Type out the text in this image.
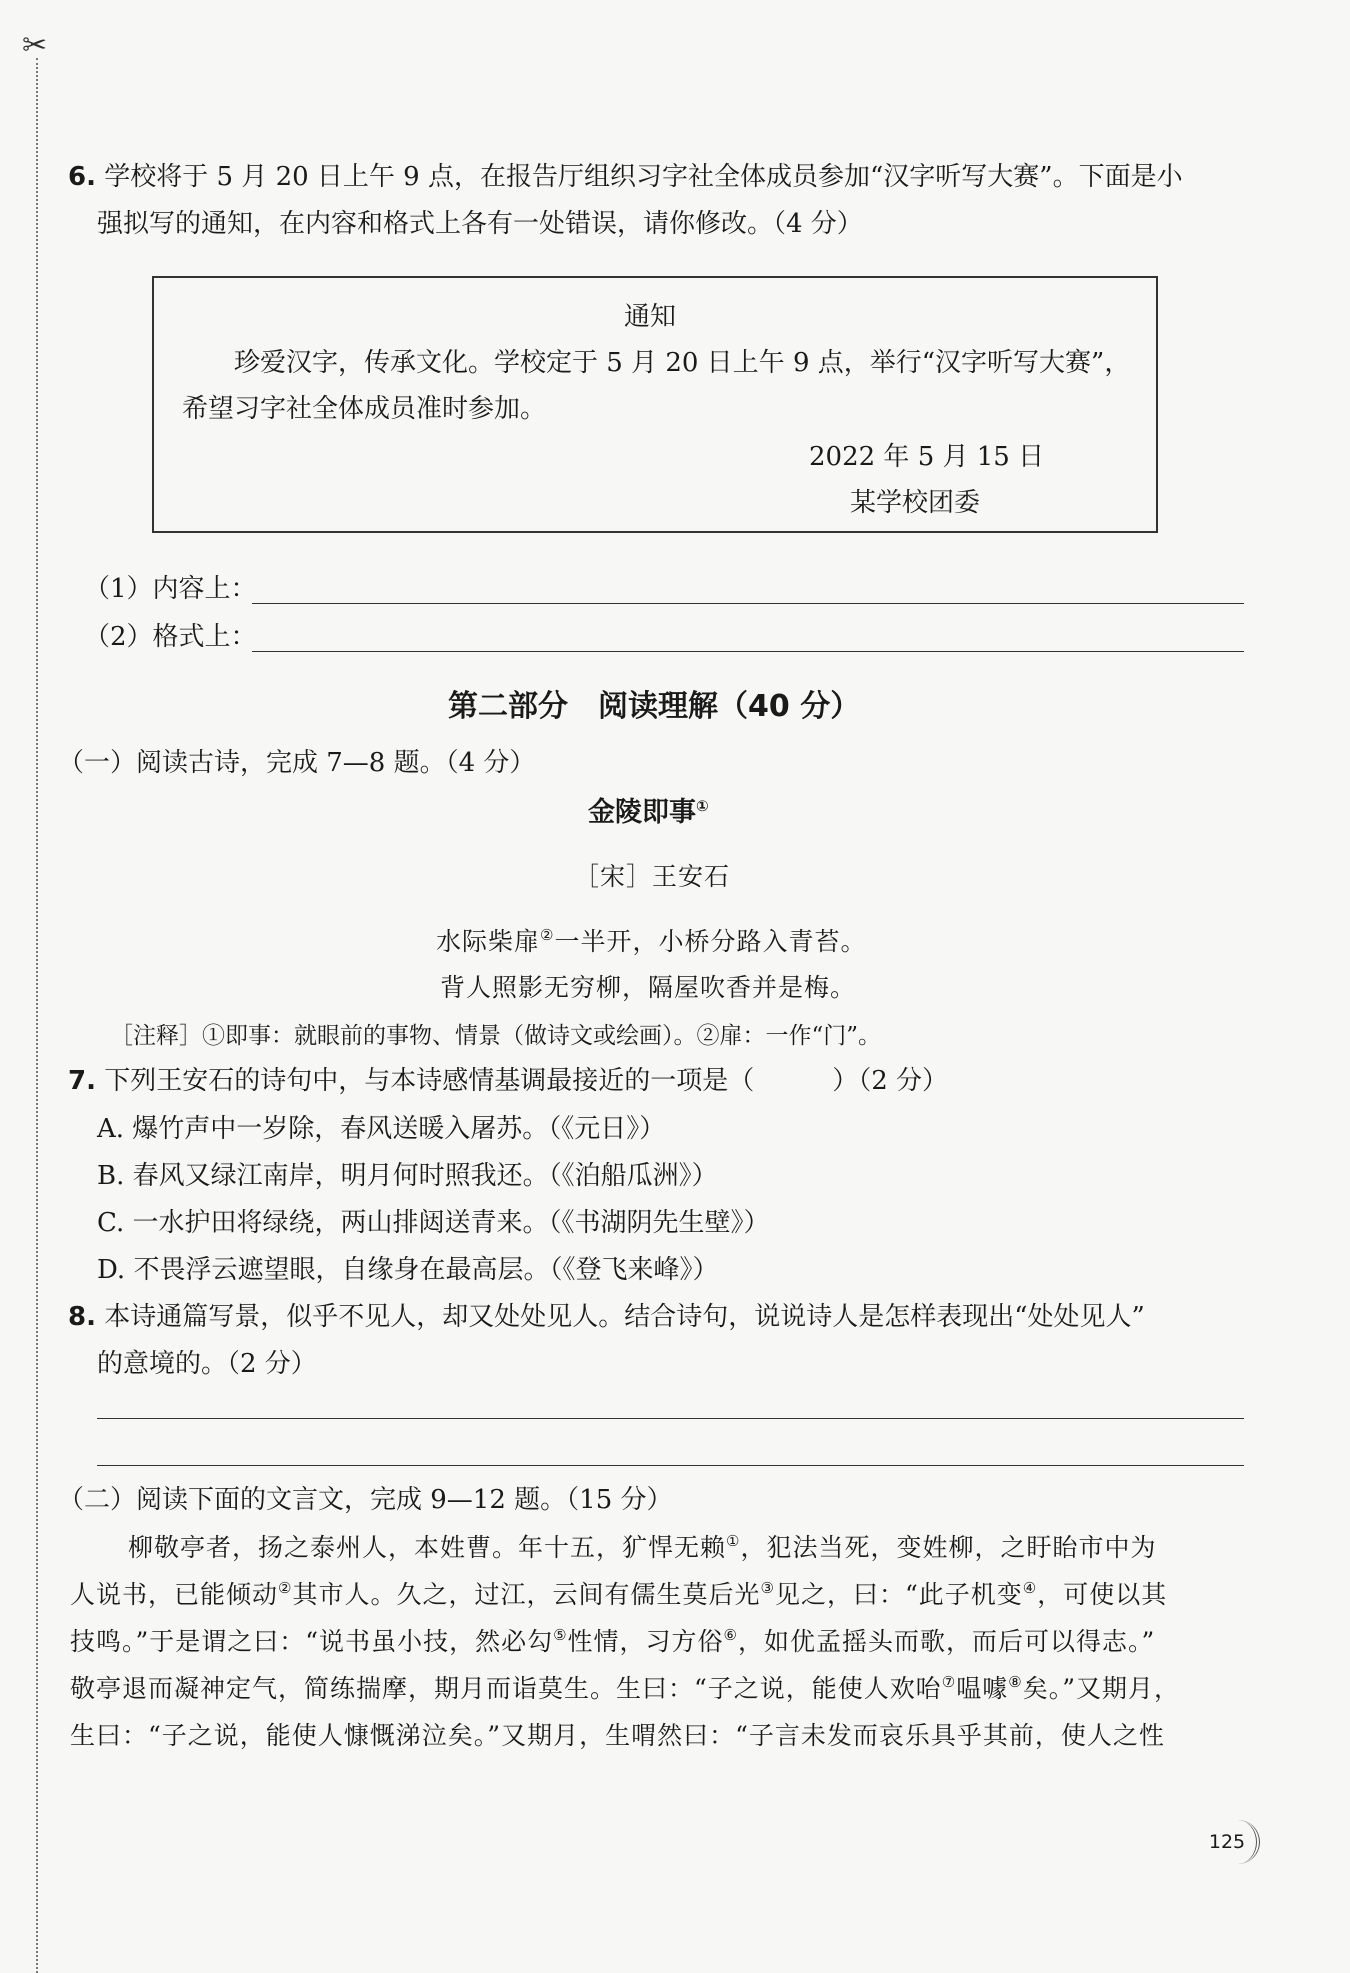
✂
6. 学校将于 5 月 20 日上午 9 点，在报告厅组织习字社全体成员参加“汉字听写大赛”。下面是小
强拟写的通知，在内容和格式上各有一处错误，请你修改。（4 分）
通知
珍爱汉字，传承文化。学校定于 5 月 20 日上午 9 点，举行“汉字听写大赛”，
希望习字社全体成员准时参加。
2022 年 5 月 15 日
某学校团委
（1）内容上：
（2）格式上：
第二部分　阅读理解（40 分）
（一）阅读古诗，完成 7—8 题。（4 分）
金陵即事①
［宋］王安石
水际柴扉②一半开，小桥分路入青苔。
背人照影无穷柳，隔屋吹香并是梅。
［注释］①即事：就眼前的事物、情景（做诗文或绘画）。②扉：一作“门”。
7. 下列王安石的诗句中，与本诗感情基调最接近的一项是（　　　）（2 分）
A. 爆竹声中一岁除，春风送暖入屠苏。（《元日》）
B. 春风又绿江南岸，明月何时照我还。（《泊船瓜洲》）
C. 一水护田将绿绕，两山排闼送青来。（《书湖阴先生壁》）
D. 不畏浮云遮望眼，自缘身在最高层。（《登飞来峰》）
8. 本诗通篇写景，似乎不见人，却又处处见人。结合诗句，说说诗人是怎样表现出“处处见人”
的意境的。（2 分）
（二）阅读下面的文言文，完成 9—12 题。（15 分）
柳敬亭者，扬之泰州人，本姓曹。年十五，犷悍无赖①，犯法当死，变姓柳，之盱眙市中为
人说书，已能倾动②其市人。久之，过江，云间有儒生莫后光③见之，曰：“此子机变④，可使以其
技鸣。”于是谓之曰：“说书虽小技，然必勾⑤性情，习方俗⑥，如优孟摇头而歌，而后可以得志。”
敬亭退而凝神定气，简练揣摩，期月而诣莫生。生曰：“子之说，能使人欢咍⑦嗢噱⑧矣。”又期月，
生曰：“子之说，能使人慷慨涕泣矣。”又期月，生喟然曰：“子言未发而哀乐具乎其前，使人之性
125
